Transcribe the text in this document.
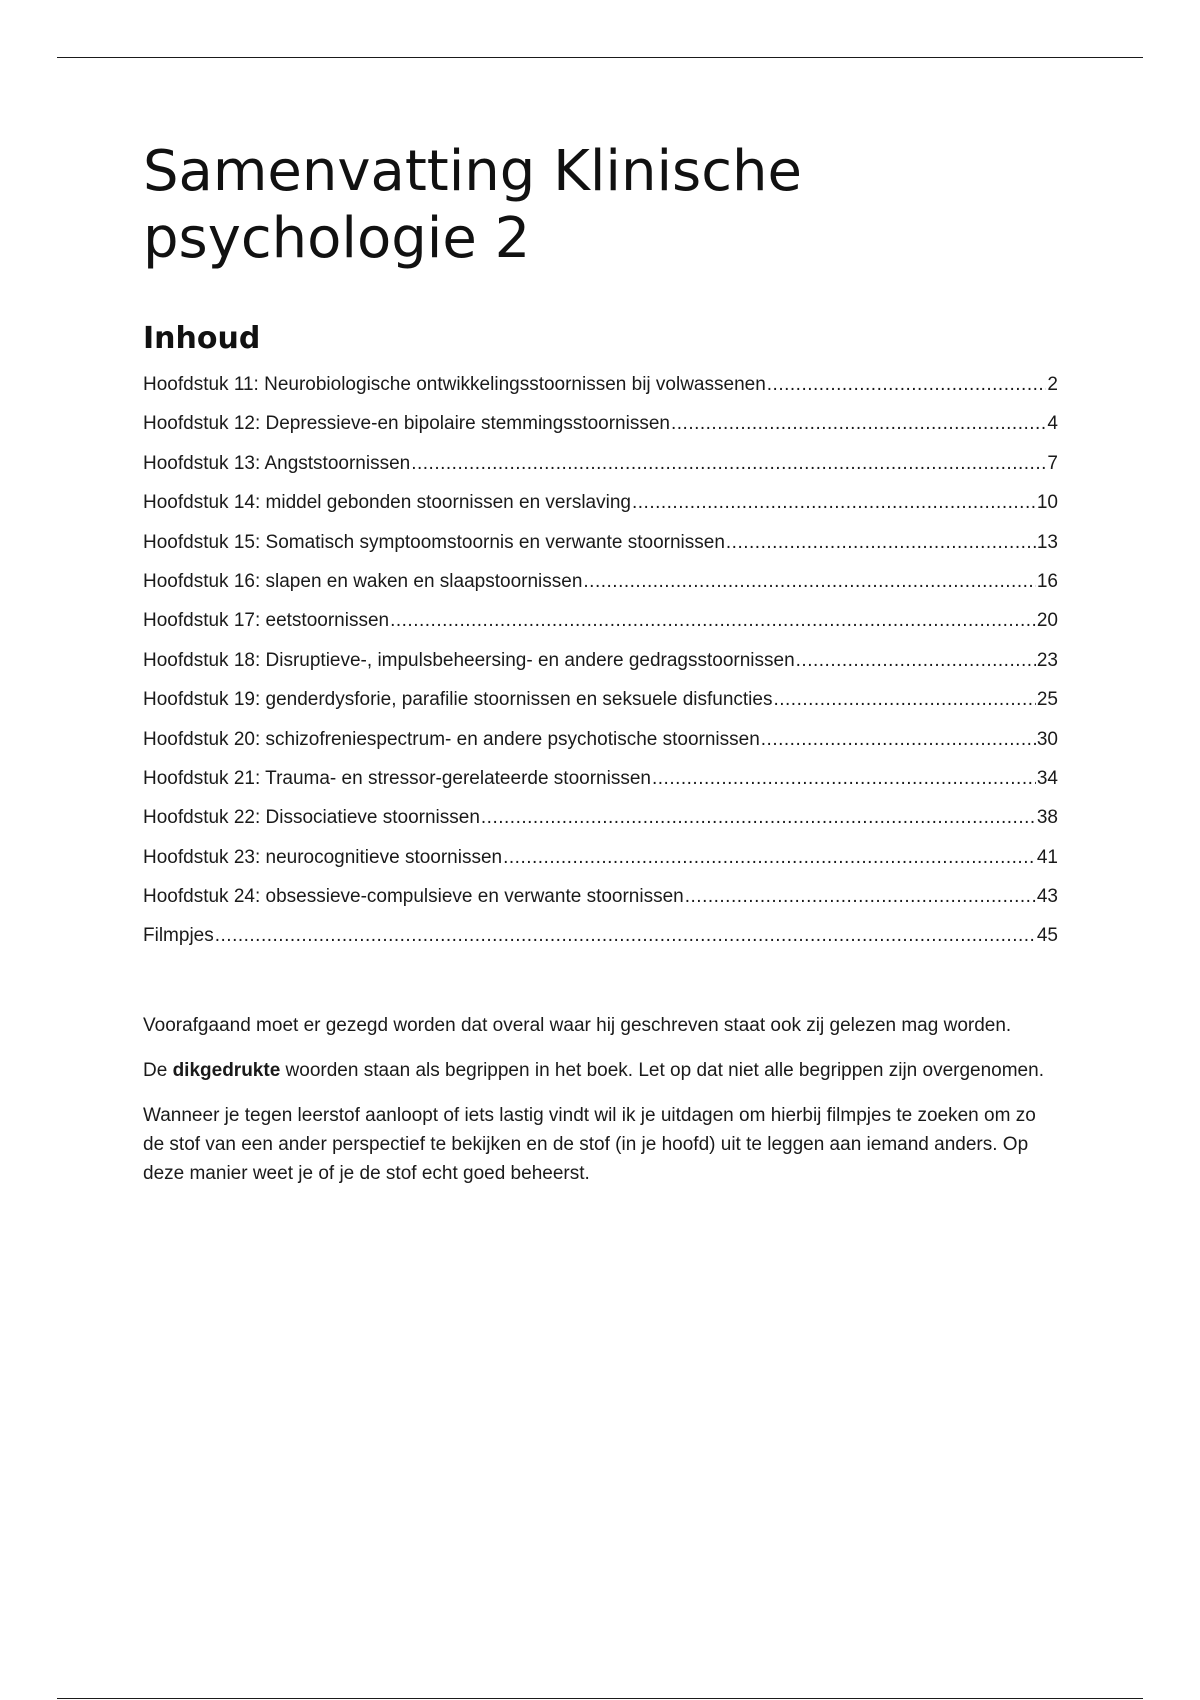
Samenvatting Klinische psychologie 2
Inhoud
Hoofdstuk 11: Neurobiologische ontwikkelingsstoornissen bij volwassenen .....	2
Hoofdstuk 12: Depressieve-en bipolaire stemmingsstoornissen .....	4
Hoofdstuk 13: Angststoornissen .....	7
Hoofdstuk 14: middel gebonden stoornissen en verslaving .....	10
Hoofdstuk 15: Somatisch symptoomstoornis en verwante stoornissen .....	13
Hoofdstuk 16: slapen en waken en slaapstoornissen .....	16
Hoofdstuk 17: eetstoornissen .....	20
Hoofdstuk 18: Disruptieve-, impulsbeheersing- en andere gedragsstoornissen .....	23
Hoofdstuk 19: genderdysforie, parafilie stoornissen en seksuele disfuncties .....	25
Hoofdstuk 20: schizofreniespectrum- en andere psychotische stoornissen .....	30
Hoofdstuk 21: Trauma- en stressor-gerelateerde stoornissen .....	34
Hoofdstuk 22: Dissociatieve stoornissen .....	38
Hoofdstuk 23: neurocognitieve stoornissen .....	41
Hoofdstuk 24: obsessieve-compulsieve en verwante stoornissen .....	43
Filmpjes .....	45

Voorafgaand moet er gezegd worden dat overal waar hij geschreven staat ook zij gelezen mag worden.

De dikgedrukte woorden staan als begrippen in het boek. Let op dat niet alle begrippen zijn overgenomen.

Wanneer je tegen leerstof aanloopt of iets lastig vindt wil ik je uitdagen om hierbij filmpjes te zoeken om zo de stof van een ander perspectief te bekijken en de stof (in je hoofd) uit te leggen aan iemand anders. Op deze manier weet je of je de stof echt goed beheerst.
